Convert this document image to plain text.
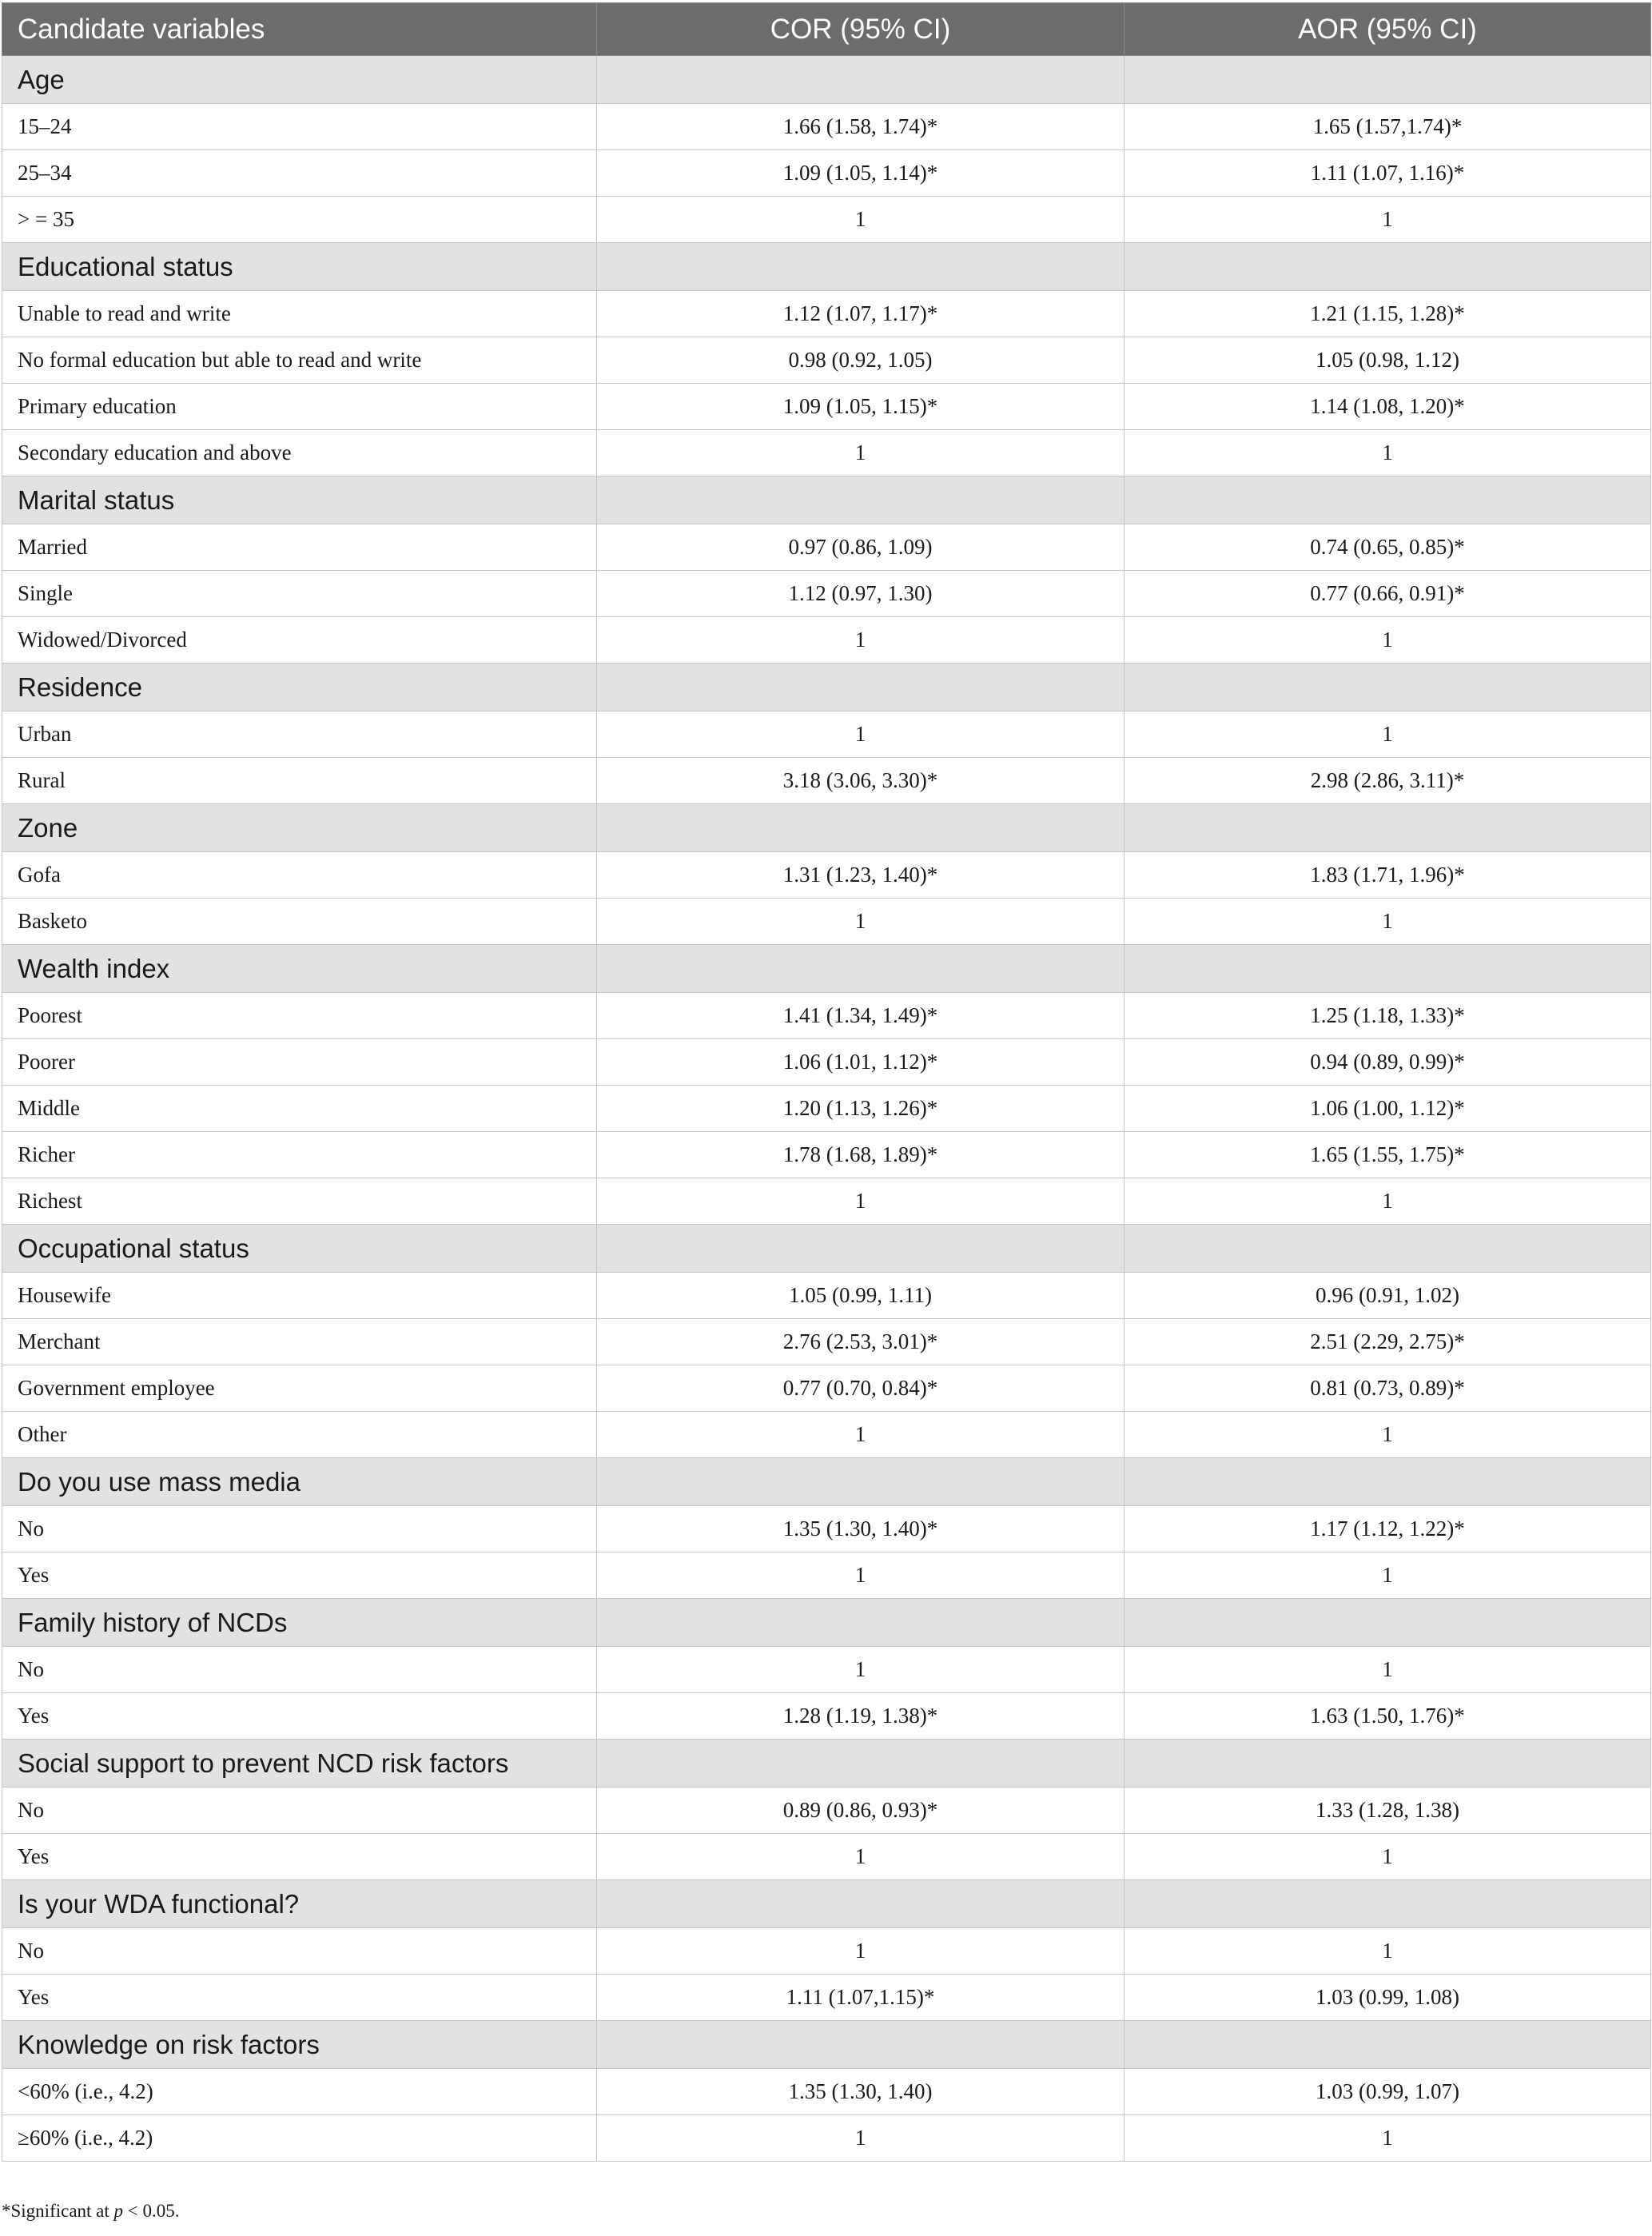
Candidate variables	COR (95% CI)	AOR (95% CI)
Age		
15–24	1.66 (1.58, 1.74)*	1.65 (1.57,1.74)*
25–34	1.09 (1.05, 1.14)*	1.11 (1.07, 1.16)*
> = 35	1	1
Educational status		
Unable to read and write	1.12 (1.07, 1.17)*	1.21 (1.15, 1.28)*
No formal education but able to read and write	0.98 (0.92, 1.05)	1.05 (0.98, 1.12)
Primary education	1.09 (1.05, 1.15)*	1.14 (1.08, 1.20)*
Secondary education and above	1	1
Marital status		
Married	0.97 (0.86, 1.09)	0.74 (0.65, 0.85)*
Single	1.12 (0.97, 1.30)	0.77 (0.66, 0.91)*
Widowed/Divorced	1	1
Residence		
Urban	1	1
Rural	3.18 (3.06, 3.30)*	2.98 (2.86, 3.11)*
Zone		
Gofa	1.31 (1.23, 1.40)*	1.83 (1.71, 1.96)*
Basketo	1	1
Wealth index		
Poorest	1.41 (1.34, 1.49)*	1.25 (1.18, 1.33)*
Poorer	1.06 (1.01, 1.12)*	0.94 (0.89, 0.99)*
Middle	1.20 (1.13, 1.26)*	1.06 (1.00, 1.12)*
Richer	1.78 (1.68, 1.89)*	1.65 (1.55, 1.75)*
Richest	1	1
Occupational status		
Housewife	1.05 (0.99, 1.11)	0.96 (0.91, 1.02)
Merchant	2.76 (2.53, 3.01)*	2.51 (2.29, 2.75)*
Government employee	0.77 (0.70, 0.84)*	0.81 (0.73, 0.89)*
Other	1	1
Do you use mass media		
No	1.35 (1.30, 1.40)*	1.17 (1.12, 1.22)*
Yes	1	1
Family history of NCDs		
No	1	1
Yes	1.28 (1.19, 1.38)*	1.63 (1.50, 1.76)*
Social support to prevent NCD risk factors		
No	0.89 (0.86, 0.93)*	1.33 (1.28, 1.38)
Yes	1	1
Is your WDA functional?		
No	1	1
Yes	1.11 (1.07,1.15)*	1.03 (0.99, 1.08)
Knowledge on risk factors		
<60% (i.e., 4.2)	1.35 (1.30, 1.40)	1.03 (0.99, 1.07)
≥60% (i.e., 4.2)	1	1
*Significant at p < 0.05.
